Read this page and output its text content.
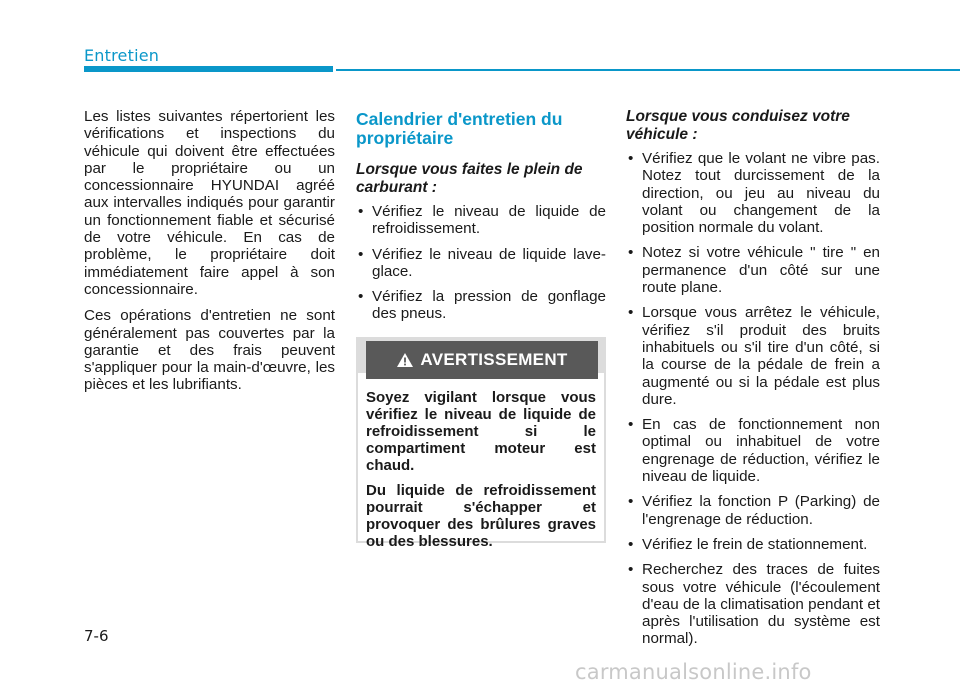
Entretien

Les listes suivantes répertorient les vérifications et inspections du véhicule qui doivent être effectuées par le propriétaire ou un concessionnaire HYUNDAI agréé aux intervalles indiqués pour garantir un fonctionnement fiable et sécurisé de votre véhicule. En cas de problème, le propriétaire doit immédiatement faire appel à son concessionnaire.

Ces opérations d'entretien ne sont généralement pas couvertes par la garantie et des frais peuvent s'appliquer pour la main-d'œuvre, les pièces et les lubrifiants.

Calendrier d'entretien du propriétaire
Lorsque vous faites le plein de carburant :
• Vérifiez le niveau de liquide de refroidissement.
• Vérifiez le niveau de liquide lave-glace.
• Vérifiez la pression de gonflage des pneus.

Soyez vigilant lorsque vous vérifiez le niveau de liquide de refroidissement si le compartiment moteur est chaud.

Du liquide de refroidissement pourrait s'échapper et provoquer des brûlures graves ou des blessures.

AVERTISSEMENT
Lorsque vous conduisez votre véhicule :
• Vérifiez que le volant ne vibre pas. Notez tout durcissement de la direction, ou jeu au niveau du volant ou changement de la position normale du volant.
• Notez si votre véhicule " tire " en permanence d'un côté sur une route plane.
• Lorsque vous arrêtez le véhicule, vérifiez s'il produit des bruits inhabituels ou s'il tire d'un côté, si la course de la pédale de frein a augmenté ou si la pédale est plus dure.
• En cas de fonctionnement non optimal ou inhabituel de votre engrenage de réduction, vérifiez le niveau de liquide.
• Vérifiez la fonction P (Parking) de l'engrenage de réduction.
• Vérifiez le frein de stationnement.
• Recherchez des traces de fuites sous votre véhicule (l'écoulement d'eau de la climatisation pendant et après l'utilisation du système est normal).
7-6
carmanualsonline.info
